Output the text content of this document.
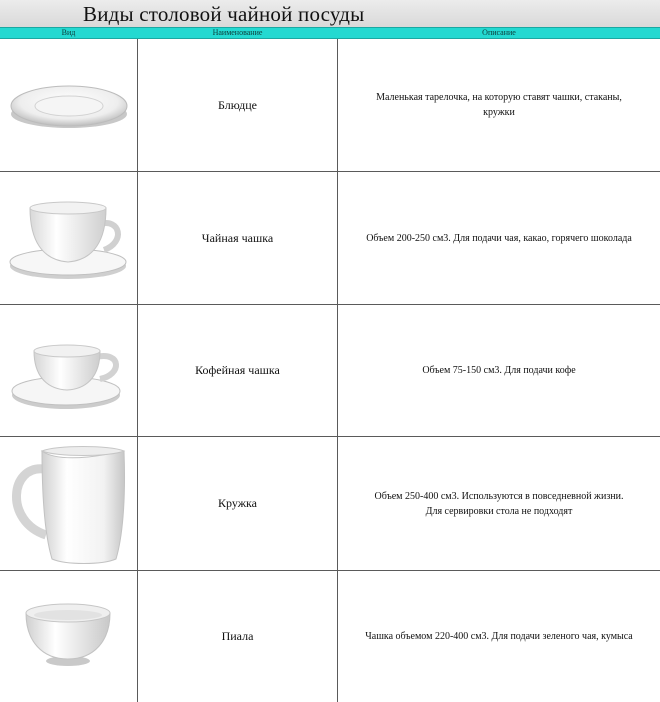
Виды столовой чайной посуды
Вид	Наименование	Описание
Блюдце	Маленькая тарелочка, на которую ставят чашки, стаканы,
кружки
Чайная чашка	Объем 200-250 см3. Для подачи чая, какао, горячего шоколада
Кофейная чашка	Объем 75-150 см3. Для подачи кофе
Кружка	Объем 250-400 см3. Используются в повседневной жизни.
Для сервировки стола не подходят
Пиала	Чашка объемом 220-400 см3. Для подачи зеленого чая, кумыса
